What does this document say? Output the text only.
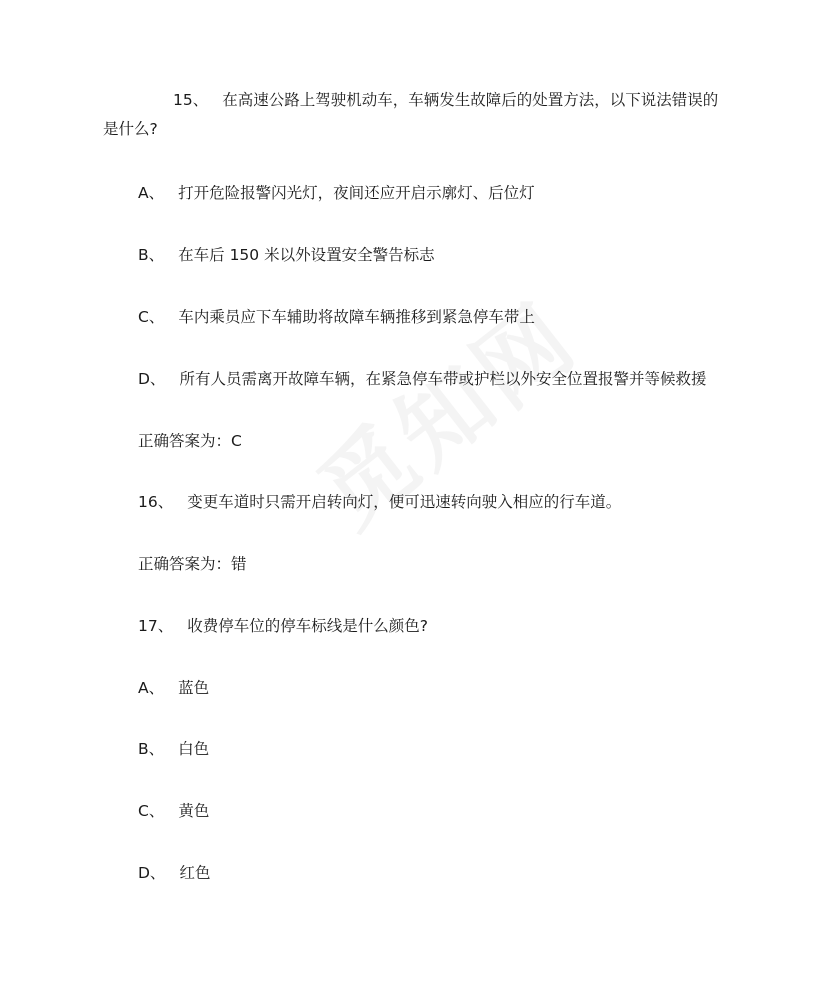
15、 在高速公路上驾驶机动车，车辆发生故障后的处置方法，以下说法错误的是什么?
A、 打开危险报警闪光灯，夜间还应开启示廓灯、后位灯
B、 在车后 150 米以外设置安全警告标志
C、 车内乘员应下车辅助将故障车辆推移到紧急停车带上
D、 所有人员需离开故障车辆，在紧急停车带或护栏以外安全位置报警并等候救援
正确答案为：C
16、 变更车道时只需开启转向灯，便可迅速转向驶入相应的行车道。
正确答案为：错
17、 收费停车位的停车标线是什么颜色?
A、 蓝色
B、 白色
C、 黄色
D、 红色
